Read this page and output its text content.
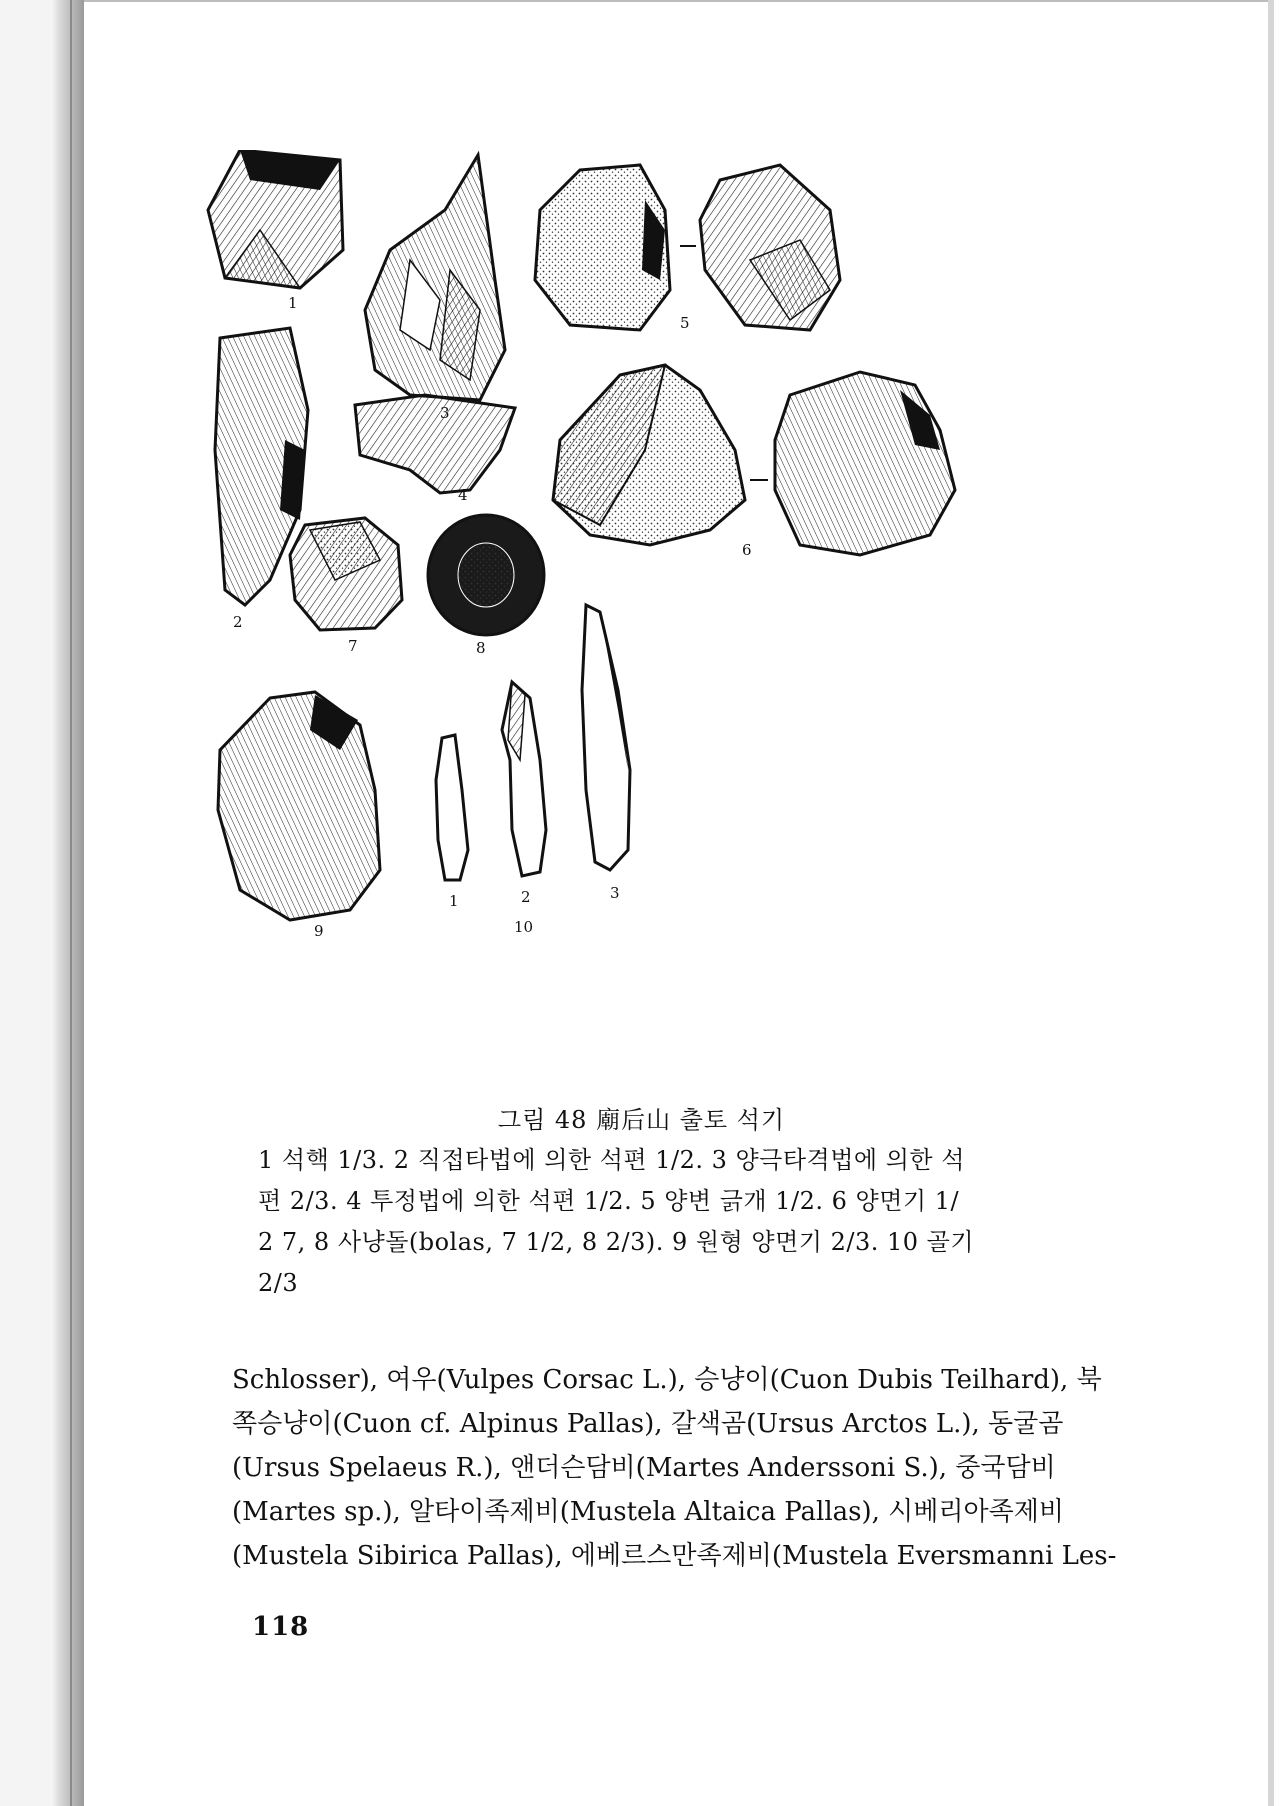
1
5
2
4
6
7	8
9
1	2	3
10
그림 48 廟后山 출토 석기
1 석핵 1/3. 2 직접타법에 의한 석편 1/2. 3 양극타격법에 의한 석
편 2/3. 4 투정법에 의한 석편 1/2. 5 양변 긁개 1/2. 6 양면기 1/
2 7, 8 사냥돌(bolas, 7 1/2, 8 2/3). 9 원형 양면기 2/3. 10 골기
2/3
Schlosser), 여우(Vulpes Corsac L.), 승냥이(Cuon Dubis Teilhard), 북
쪽승냥이(Cuon cf. Alpinus Pallas), 갈색곰(Ursus Arctos L.), 동굴곰
(Ursus Spelaeus R.), 앤더슨담비(Martes Anderssoni S.), 중국담비
(Martes sp.), 알타이족제비(Mustela Altaica Pallas), 시베리아족제비
(Mustela Sibirica Pallas), 에베르스만족제비(Mustela Eversmanni Les-
118
